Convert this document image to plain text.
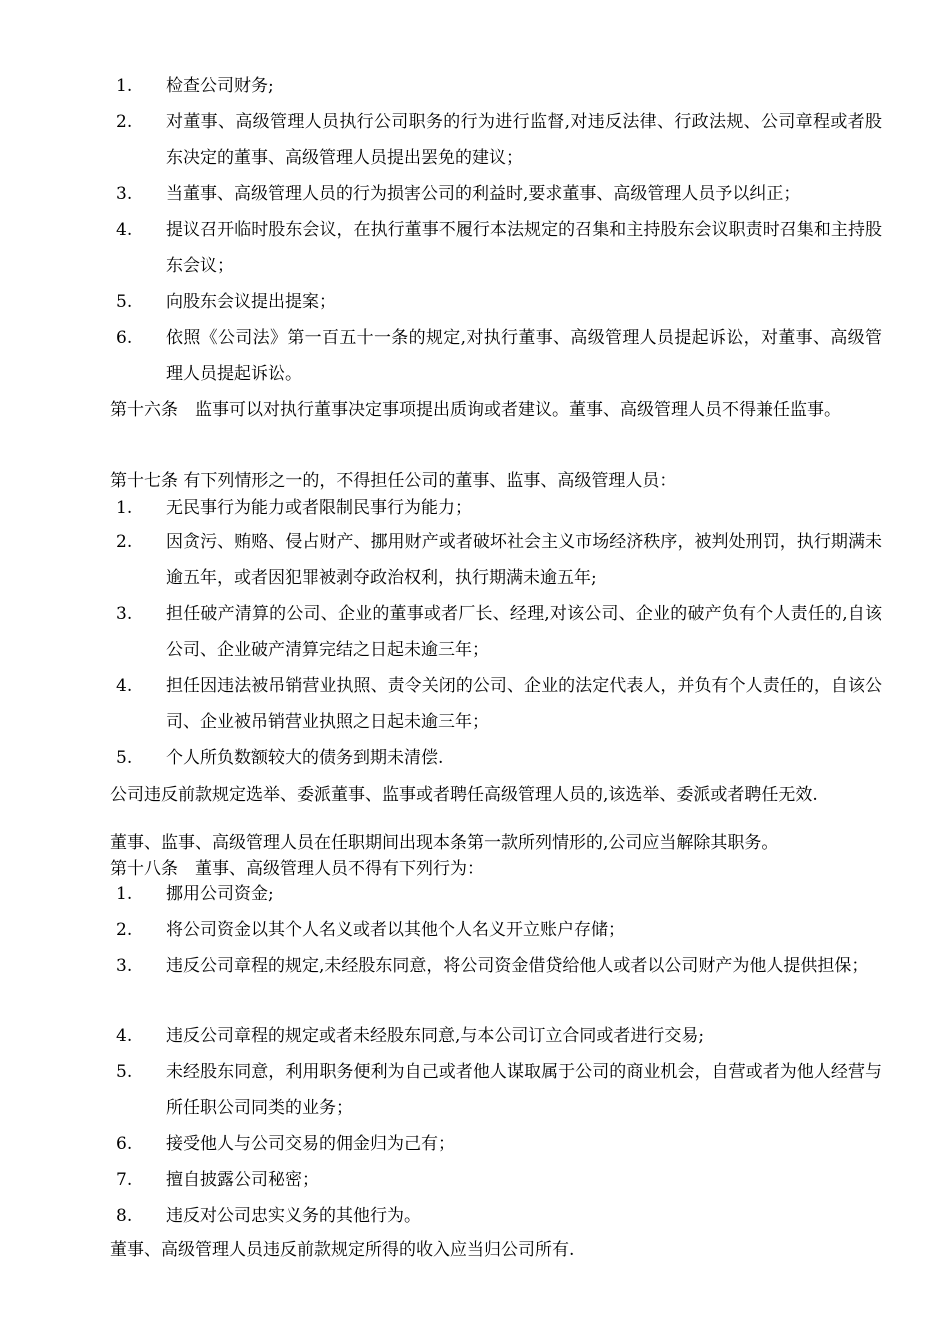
1.	检查公司财务;
2.	对董事、高级管理人员执行公司职务的行为进行监督,对违反法律、行政法规、公司章程或者股东决定的董事、高级管理人员提出罢免的建议；
3.	当董事、高级管理人员的行为损害公司的利益时,要求董事、高级管理人员予以纠正；
4.	提议召开临时股东会议，在执行董事不履行本法规定的召集和主持股东会议职责时召集和主持股东会议；
5.	向股东会议提出提案；
6.	依照《公司法》第一百五十一条的规定,对执行董事、高级管理人员提起诉讼，对董事、高级管理人员提起诉讼。
第十六条　监事可以对执行董事决定事项提出质询或者建议。董事、高级管理人员不得兼任监事。
第十七条 有下列情形之一的，不得担任公司的董事、监事、高级管理人员：
1.	无民事行为能力或者限制民事行为能力；
2.	因贪污、贿赂、侵占财产、挪用财产或者破坏社会主义市场经济秩序，被判处刑罚，执行期满未逾五年，或者因犯罪被剥夺政治权利，执行期满未逾五年;
3.	担任破产清算的公司、企业的董事或者厂长、经理,对该公司、企业的破产负有个人责任的,自该公司、企业破产清算完结之日起未逾三年；
4.	担任因违法被吊销营业执照、责令关闭的公司、企业的法定代表人，并负有个人责任的，自该公司、企业被吊销营业执照之日起未逾三年；
5.	个人所负数额较大的债务到期未清偿.
公司违反前款规定选举、委派董事、监事或者聘任高级管理人员的,该选举、委派或者聘任无效.
董事、监事、高级管理人员在任职期间出现本条第一款所列情形的,公司应当解除其职务。
第十八条　董事、高级管理人员不得有下列行为：
1.	挪用公司资金;
2.	将公司资金以其个人名义或者以其他个人名义开立账户存储；
3.	违反公司章程的规定,未经股东同意，将公司资金借贷给他人或者以公司财产为他人提供担保；
4.	违反公司章程的规定或者未经股东同意,与本公司订立合同或者进行交易;
5.	未经股东同意，利用职务便利为自己或者他人谋取属于公司的商业机会，自营或者为他人经营与所任职公司同类的业务；
6.	接受他人与公司交易的佣金归为己有；
7.	擅自披露公司秘密；
8.	违反对公司忠实义务的其他行为。
董事、高级管理人员违反前款规定所得的收入应当归公司所有.
